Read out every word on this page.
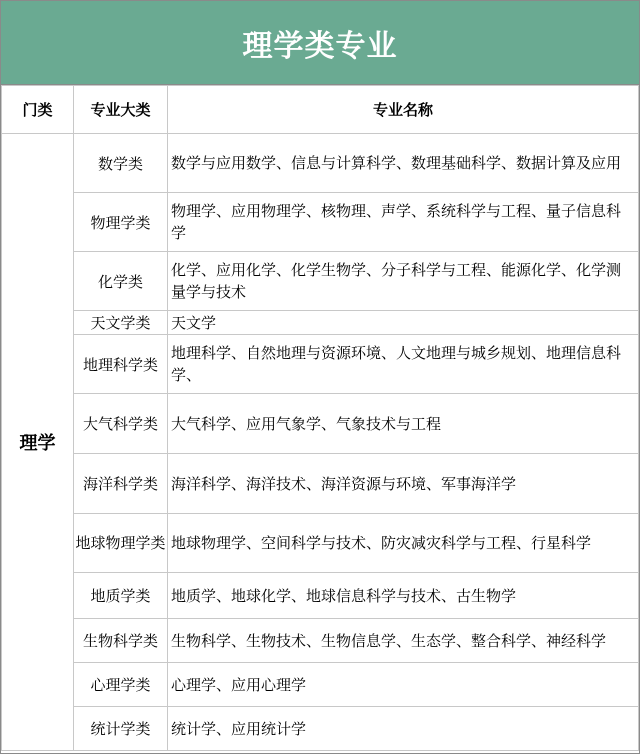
理学类专业
门类	专业大类	专业名称
理学	数学类	数学与应用数学、信息与计算科学、数理基础科学、数据计算及应用
	物理学类	物理学、应用物理学、核物理、声学、系统科学与工程、量子信息科学
	化学类	化学、应用化学、化学生物学、分子科学与工程、能源化学、化学测量学与技术
	天文学类	天文学
	地理科学类	地理科学、自然地理与资源环境、人文地理与城乡规划、地理信息科学、
	大气科学类	大气科学、应用气象学、气象技术与工程
	海洋科学类	海洋科学、海洋技术、海洋资源与环境、军事海洋学
	地球物理学类	地球物理学、空间科学与技术、防灾减灾科学与工程、行星科学
	地质学类	地质学、地球化学、地球信息科学与技术、古生物学
	生物科学类	生物科学、生物技术、生物信息学、生态学、整合科学、神经科学
	心理学类	心理学、应用心理学
	统计学类	统计学、应用统计学
